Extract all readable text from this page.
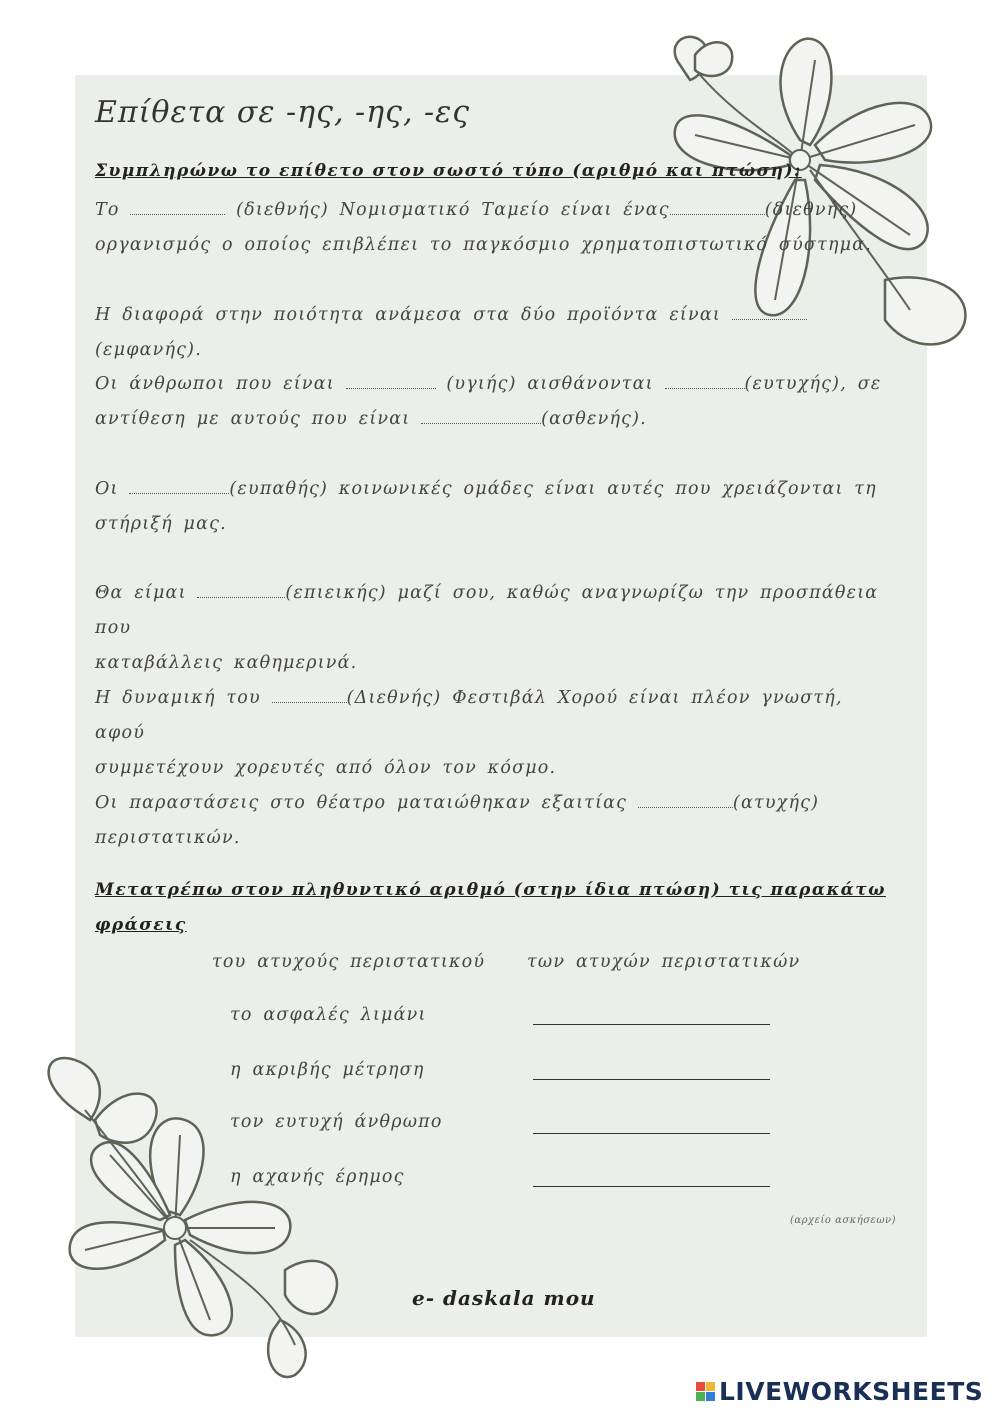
Επίθετα σε -ης, -ης, -ες
Συμπληρώνω το επίθετο στον σωστό τύπο (αριθμό και πτώση):
Το	(διεθνής) Νομισματικό Ταμείο είναι ένας	(διεθνής)
οργανισμός ο οποίος επιβλέπει το παγκόσμιο χρηματοπιστωτικό σύστημα.
Η διαφορά στην ποιότητα ανάμεσα στα δύο προϊόντα είναι (εμφανής).
Οι άνθρωποι που είναι	(υγιής) αισθάνονται	(ευτυχής), σε
αντίθεση με αυτούς που είναι	(ασθενής).
Οι	(ευπαθής) κοινωνικές ομάδες είναι αυτές που χρειάζονται τη
στήριξή μας.
Θα είμαι	(επιεικής) μαζί σου, καθώς αναγνωρίζω την προσπάθεια που
καταβάλλεις καθημερινά.
Η δυναμική του	(Διεθνής) Φεστιβάλ Χορού είναι πλέον γνωστή, αφού
συμμετέχουν χορευτές από όλον τον κόσμο.
Οι παραστάσεις στο θέατρο ματαιώθηκαν εξαιτίας	(ατυχής)
περιστατικών.
Μετατρέπω στον πληθυντικό αριθμό (στην ίδια πτώση) τις παρακάτω
φράσεις
του ατυχούς περιστατικού των ατυχών περιστατικών
το ασφαλές λιμάνι
η ακριβής μέτρηση
τον ευτυχή άνθρωπο
η αχανής έρημος
(αρχείο ασκήσεων)
e- daskala mou
LIVEWORKSHEETS
